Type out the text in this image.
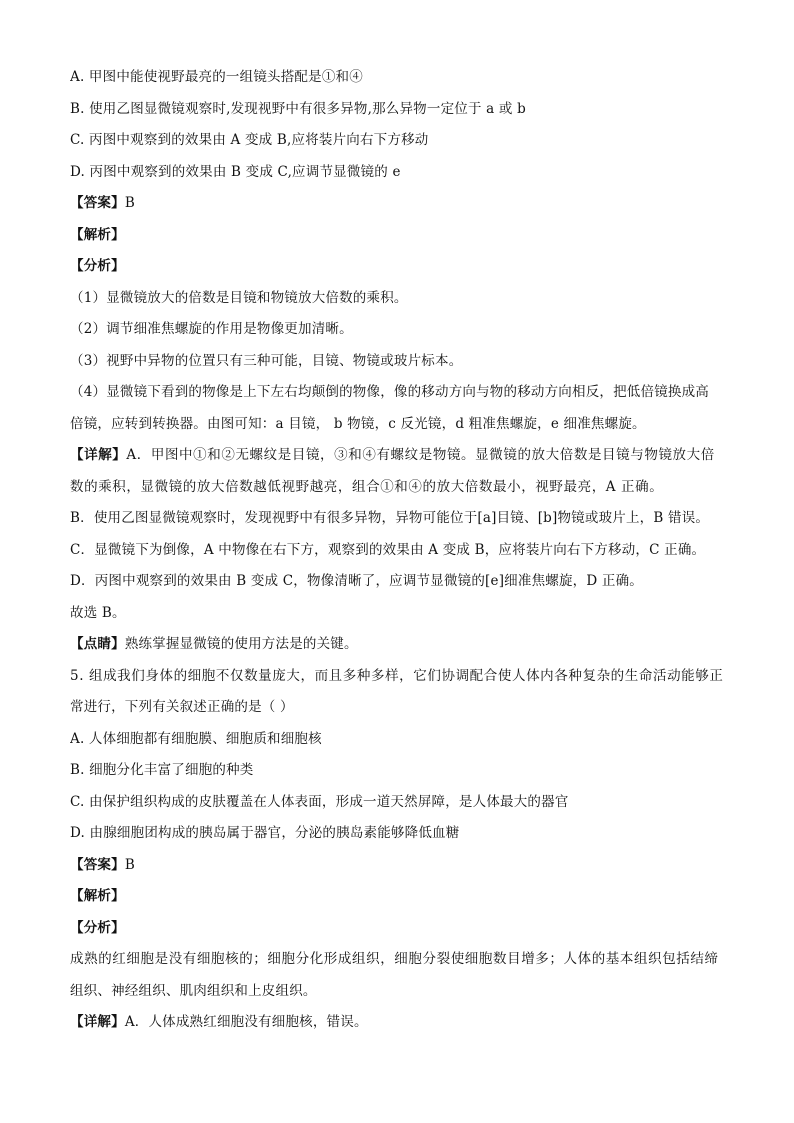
A. 甲图中能使视野最亮的一组镜头搭配是①和④
B. 使用乙图显微镜观察时,发现视野中有很多异物,那么异物一定位于 a 或 b
C. 丙图中观察到的效果由 A 变成 B,应将装片向右下方移动
D. 丙图中观察到的效果由 B 变成 C,应调节显微镜的 e
【答案】B
【解析】
【分析】
（1）显微镜放大的倍数是目镜和物镜放大倍数的乘积。
（2）调节细准焦螺旋的作用是物像更加清晰。
（3）视野中异物的位置只有三种可能，目镜、物镜或玻片标本。
（4）显微镜下看到的物像是上下左右均颠倒的物像，像的移动方向与物的移动方向相反，把低倍镜换成高
倍镜，应转到转换器。由图可知：a 目镜， b 物镜，c 反光镜，d 粗准焦螺旋，e 细准焦螺旋。
【详解】A．甲图中①和②无螺纹是目镜，③和④有螺纹是物镜。显微镜的放大倍数是目镜与物镜放大倍
数的乘积，显微镜的放大倍数越低视野越亮，组合①和④的放大倍数最小，视野最亮，A 正确。
B．使用乙图显微镜观察时，发现视野中有很多异物，异物可能位于[a]目镜、[b]物镜或玻片上，B 错误。
C．显微镜下为倒像，A 中物像在右下方，观察到的效果由 A 变成 B，应将装片向右下方移动，C 正确。
D．丙图中观察到的效果由 B 变成 C，物像清晰了，应调节显微镜的[e]细准焦螺旋，D 正确。
故选 B。
【点睛】熟练掌握显微镜的使用方法是的关键。
5. 组成我们身体的细胞不仅数量庞大，而且多种多样，它们协调配合使人体内各种复杂的生命活动能够正
常进行，下列有关叙述正确的是（ ）
A. 人体细胞都有细胞膜、细胞质和细胞核
B. 细胞分化丰富了细胞的种类
C. 由保护组织构成的皮肤覆盖在人体表面，形成一道天然屏障，是人体最大的器官
D. 由腺细胞团构成的胰岛属于器官，分泌的胰岛素能够降低血糖
【答案】B
【解析】
【分析】
成熟的红细胞是没有细胞核的；细胞分化形成组织，细胞分裂使细胞数目增多；人体的基本组织包括结缔
组织、神经组织、肌肉组织和上皮组织。
【详解】A．人体成熟红细胞没有细胞核，错误。
